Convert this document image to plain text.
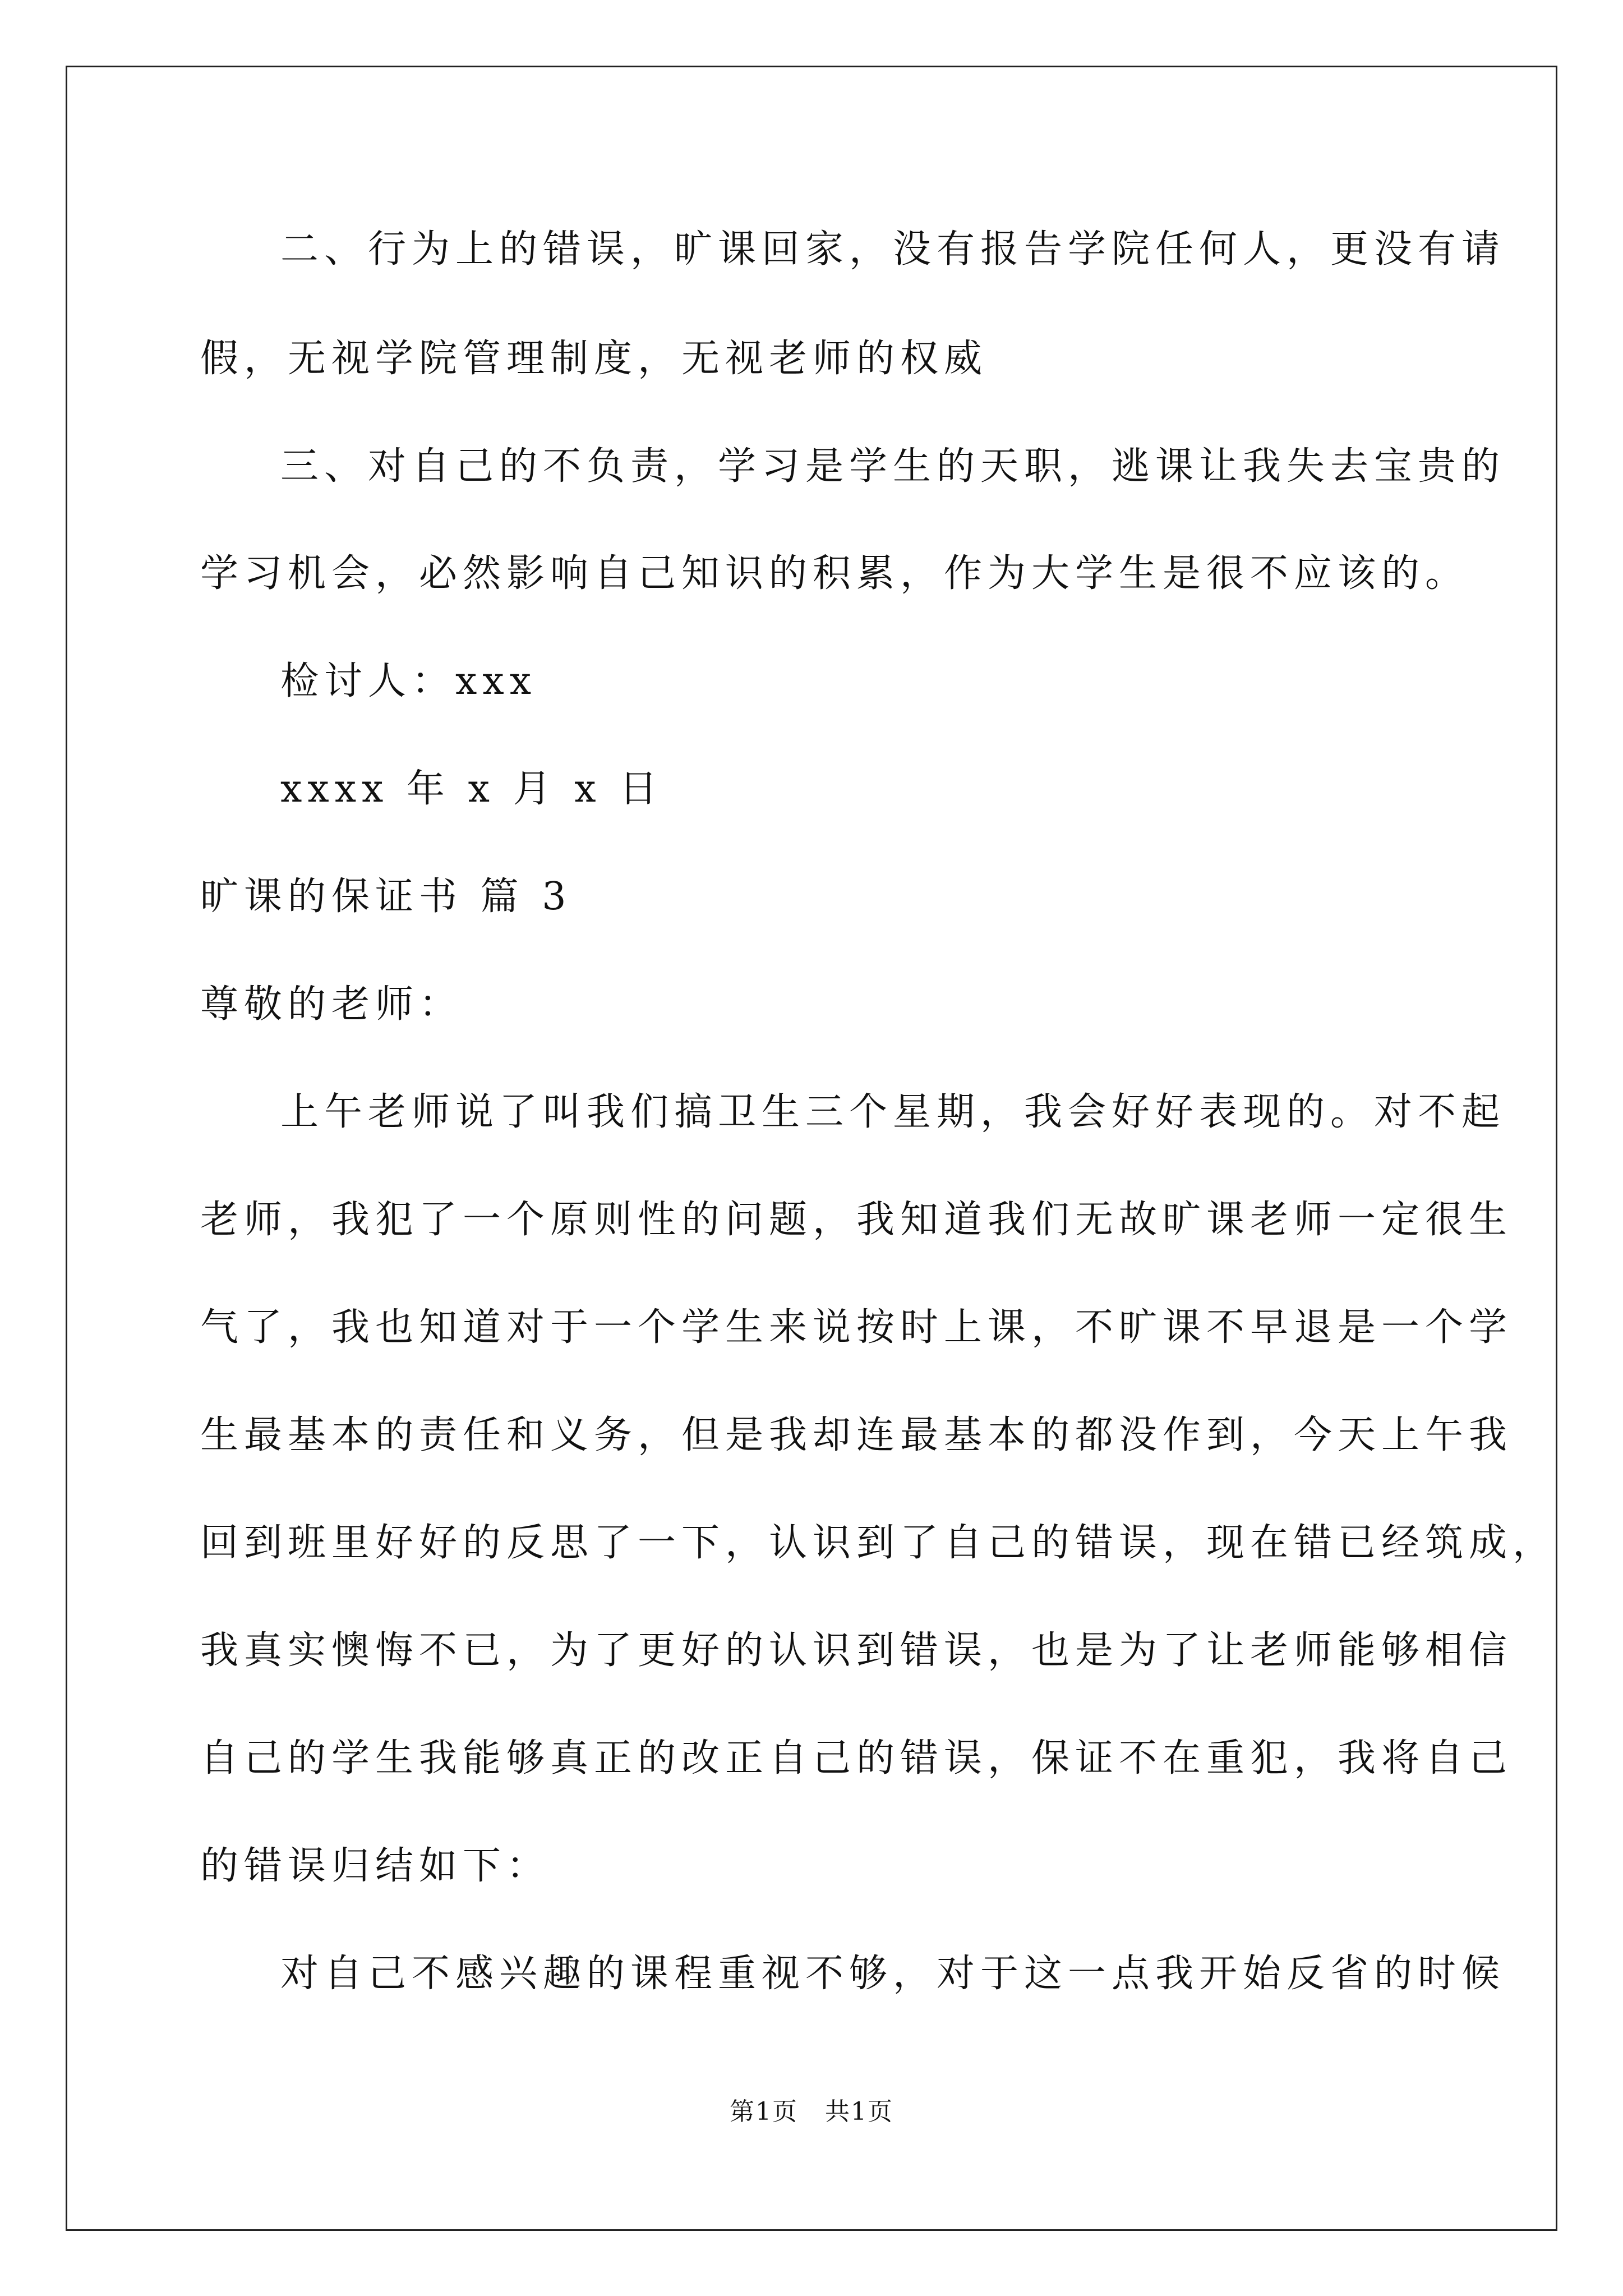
二、行为上的错误，旷课回家，没有报告学院任何人，更没有请
假，无视学院管理制度，无视老师的权威
三、对自己的不负责，学习是学生的天职，逃课让我失去宝贵的
学习机会，必然影响自己知识的积累，作为大学生是很不应该的。
检讨人：xxx
xxxx 年 x 月 x 日
旷课的保证书 篇 3
尊敬的老师：
上午老师说了叫我们搞卫生三个星期，我会好好表现的。对不起
老师，我犯了一个原则性的问题，我知道我们无故旷课老师一定很生
气了，我也知道对于一个学生来说按时上课，不旷课不早退是一个学
生最基本的责任和义务，但是我却连最基本的都没作到，今天上午我
回到班里好好的反思了一下，认识到了自己的错误，现在错已经筑成，
我真实懊悔不已，为了更好的认识到错误，也是为了让老师能够相信
自己的学生我能够真正的改正自己的错误，保证不在重犯，我将自己
的错误归结如下：
对自己不感兴趣的课程重视不够，对于这一点我开始反省的时候
第1页   共1页
